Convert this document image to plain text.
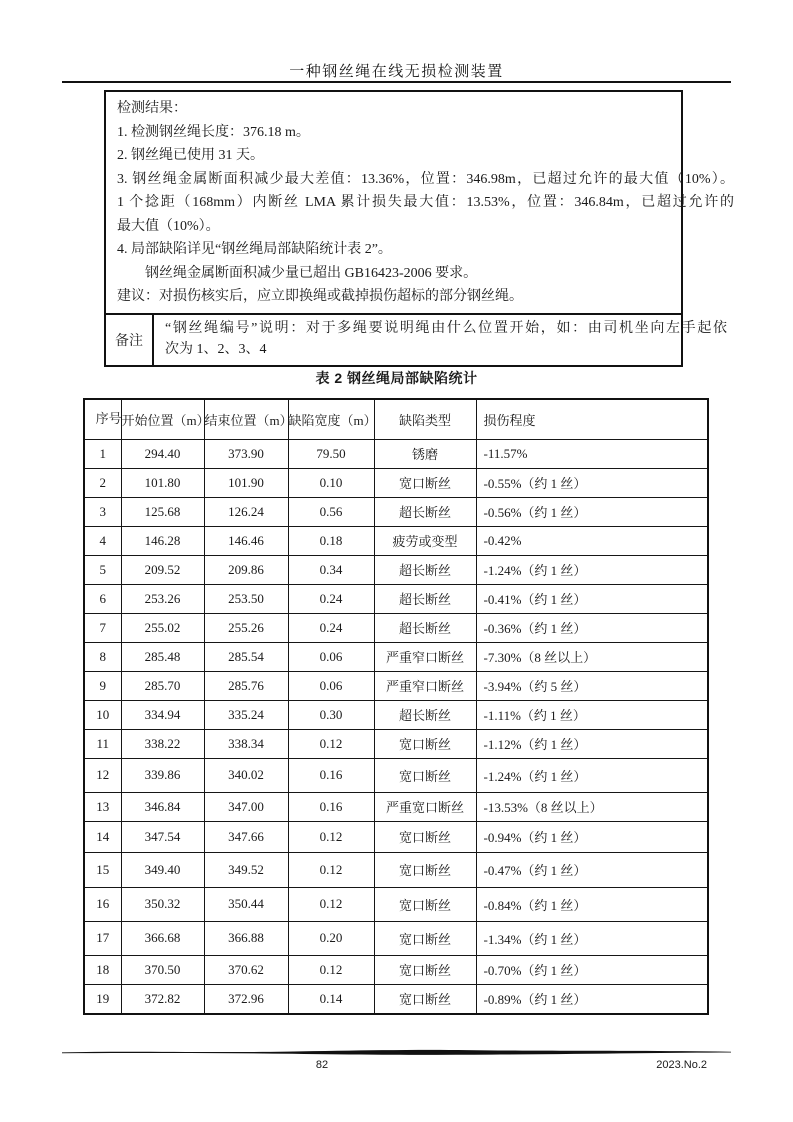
一种钢丝绳在线无损检测装置
检测结果：
1. 检测钢丝绳长度：376.18 m。
2. 钢丝绳已使用 31 天。
3. 钢丝绳金属断面积减少最大差值：13.36%，位置：346.98m，已超过允许的最大值（10%）。
1 个捻距（168mm）内断丝 LMA 累计损失最大值：13.53%，位置：346.84m，已超过允许的
最大值（10%）。
4. 局部缺陷详见“钢丝绳局部缺陷统计表 2”。
钢丝绳金属断面积减少量已超出 GB16423-2006 要求。
建议：对损伤核实后，应立即换绳或截掉损伤超标的部分钢丝绳。
备注
“钢丝绳编号”说明：对于多绳要说明绳由什么位置开始，如：由司机坐向左手起依
次为 1、2、3、4
表 2 钢丝绳局部缺陷统计
序号	开始位置（m）	结束位置（m）	缺陷宽度（m）	缺陷类型	损伤程度
1	294.40	373.90	79.50	锈磨	-11.57%
2	101.80	101.90	0.10	宽口断丝	-0.55%（约 1 丝）
3	125.68	126.24	0.56	超长断丝	-0.56%（约 1 丝）
4	146.28	146.46	0.18	疲劳或变型	-0.42%
5	209.52	209.86	0.34	超长断丝	-1.24%（约 1 丝）
6	253.26	253.50	0.24	超长断丝	-0.41%（约 1 丝）
7	255.02	255.26	0.24	超长断丝	-0.36%（约 1 丝）
8	285.48	285.54	0.06	严重窄口断丝	-7.30%（8 丝以上）
9	285.70	285.76	0.06	严重窄口断丝	-3.94%（约 5 丝）
10	334.94	335.24	0.30	超长断丝	-1.11%（约 1 丝）
11	338.22	338.34	0.12	宽口断丝	-1.12%（约 1 丝）
12	339.86	340.02	0.16	宽口断丝	-1.24%（约 1 丝）
13	346.84	347.00	0.16	严重宽口断丝	-13.53%（8 丝以上）
14	347.54	347.66	0.12	宽口断丝	-0.94%（约 1 丝）
15	349.40	349.52	0.12	宽口断丝	-0.47%（约 1 丝）
16	350.32	350.44	0.12	宽口断丝	-0.84%（约 1 丝）
17	366.68	366.88	0.20	宽口断丝	-1.34%（约 1 丝）
18	370.50	370.62	0.12	宽口断丝	-0.70%（约 1 丝）
19	372.82	372.96	0.14	宽口断丝	-0.89%（约 1 丝）
82	2023.No.2
